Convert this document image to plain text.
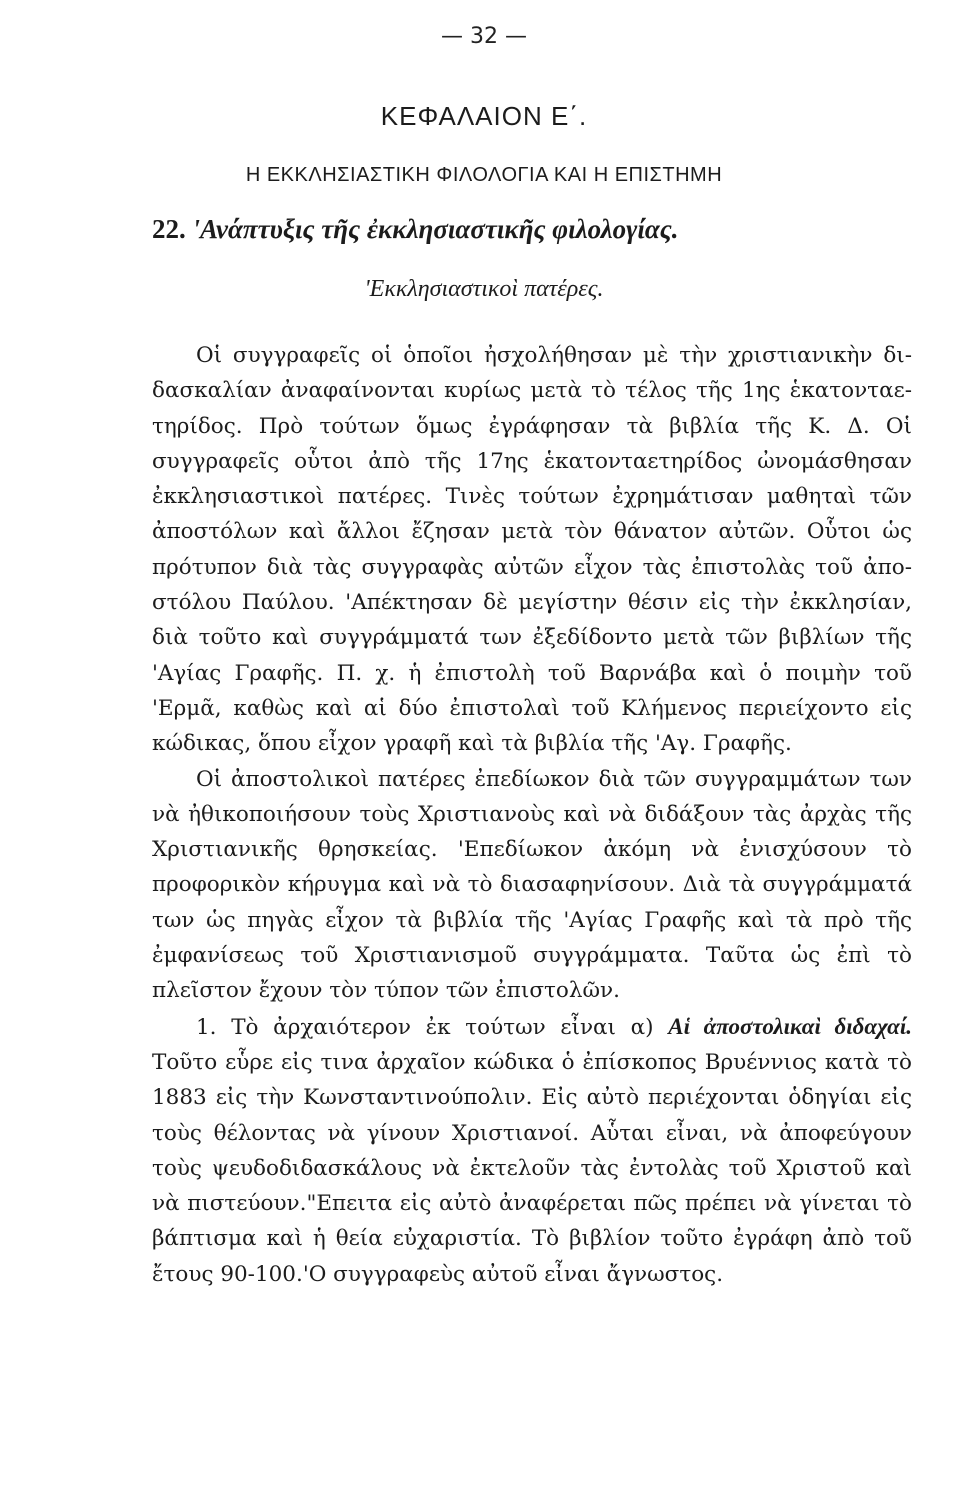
— 32 —
ΚΕΦΑΛΑΙΟΝ Ε΄.
Η ΕΚΚΛΗΣΙΑΣΤΙΚΗ ΦΙΛΟΛΟΓΙΑ ΚΑΙ Η ΕΠΙΣΤΗΜΗ
22. 'Ανάπτυξις τῆς ἐκκλησιαστικῆς φιλολογίας.
'Εκκλησιαστικοὶ πατέρες.

Οἱ συγγραφεῖς οἱ ὁποῖοι ἠσχολήθησαν μὲ τὴν χριστιανικὴν διδασκαλίαν ἀναφαίνονται κυρίως μετὰ τὸ τέλος τῆς 1ης ἑκατονταετηρίδος. Πρὸ τούτων ὅμως ἐγράφησαν τὰ βιβλία τῆς Κ. Δ. Οἱ συγγραφεῖς οὗτοι ἀπὸ τῆς 17ης ἑκατονταετηρίδος ὠνομάσθησαν ἐκκλησιαστικοὶ πατέρες. Τινὲς τούτων ἐχρημάτισαν μαθηταὶ τῶν ἀποστόλων καὶ ἄλλοι ἔζησαν μετὰ τὸν θάνατον αὐτῶν. Οὗτοι ὡς πρότυπον διὰ τὰς συγγραφὰς αὐτῶν εἶχον τὰς ἐπιστολὰς τοῦ ἀποστόλου Παύλου. 'Απέκτησαν δὲ μεγίστην θέσιν εἰς τὴν ἐκκλησίαν, διὰ τοῦτο καὶ συγγράμματά των ἐξεδίδοντο μετὰ τῶν βιβλίων τῆς 'Αγίας Γραφῆς. Π. χ. ἡ ἐπιστολὴ τοῦ Βαρνάβα καὶ ὁ ποιμὴν τοῦ 'Ερμᾶ, καθὼς καὶ αἱ δύο ἐπιστολαὶ τοῦ Κλήμενος περιείχοντο εἰς κώδικας, ὅπου εἶχον γραφῆ καὶ τὰ βιβλία τῆς 'Αγ. Γραφῆς.

Οἱ ἀποστολικοὶ πατέρες ἐπεδίωκον διὰ τῶν συγγραμμάτων των νὰ ἠθικοποιήσουν τοὺς Χριστιανοὺς καὶ νὰ διδάξουν τὰς ἀρχὰς τῆς Χριστιανικῆς θρησκείας. 'Επεδίωκον ἀκόμη νὰ ἐνισχύσουν τὸ προφορικὸν κήρυγμα καὶ νὰ τὸ διασαφηνίσουν. Διὰ τὰ συγγράμματά των ὡς πηγὰς εἶχον τὰ βιβλία τῆς 'Αγίας Γραφῆς καὶ τὰ πρὸ τῆς ἐμφανίσεως τοῦ Χριστιανισμοῦ συγγράμματα. Ταῦτα ὡς ἐπὶ τὸ πλεῖστον ἔχουν τὸν τύπον τῶν ἐπιστολῶν.

1. Τὸ ἀρχαιότερον ἐκ τούτων εἶναι α) Αἱ ἀποστολικαὶ διδαχαί. Τοῦτο εὗρε εἰς τινα ἀρχαῖον κώδικα ὁ ἐπίσκοπος Βρυέννιος κατὰ τὸ 1883 εἰς τὴν Κωνσταντινούπολιν. Εἰς αὐτὸ περιέχονται ὁδηγίαι εἰς τοὺς θέλοντας νὰ γίνουν Χριστιανοί. Αὗται εἶναι, νὰ ἀποφεύγουν τοὺς ψευδοδιδασκάλους νὰ ἐκτελοῦν τὰς ἐντολὰς τοῦ Χριστοῦ καὶ νὰ πιστεύουν."Επειτα εἰς αὐτὸ ἀναφέρεται πῶς πρέπει νὰ γίνεται τὸ βάπτισμα καὶ ἡ θεία εὐχαριστία. Τὸ βιβλίον τοῦτο ἐγράφη ἀπὸ τοῦ ἔτους 90-100.'Ο συγγραφεὺς αὐτοῦ εἶναι ἄγνωστος.
